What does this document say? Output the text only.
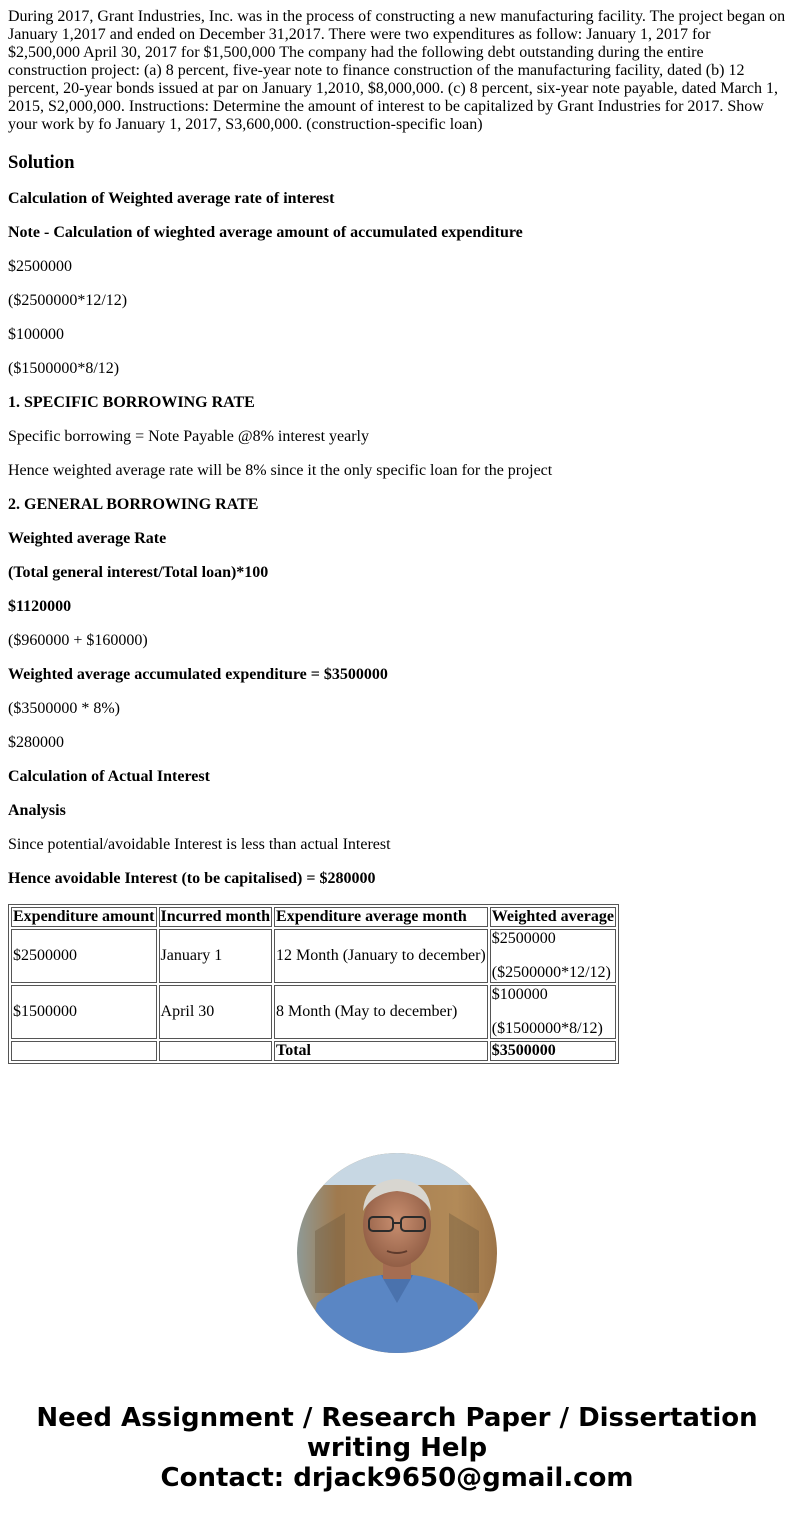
During 2017, Grant Industries, Inc. was in the process of constructing a new manufacturing facility. The project began on January 1,2017 and ended on December 31,2017. There were two expenditures as follow: January 1, 2017 for $2,500,000 April 30, 2017 for $1,500,000 The company had the following debt outstanding during the entire construction project: (a) 8 percent, five-year note to finance construction of the manufacturing facility, dated (b) 12 percent, 20-year bonds issued at par on January 1,2010, $8,000,000. (c) 8 percent, six-year note payable, dated March 1, 2015, S2,000,000. Instructions: Determine the amount of interest to be capitalized by Grant Industries for 2017. Show your work by fo January 1, 2017, S3,600,000. (construction-specific loan)

Solution

Calculation of Weighted average rate of interest

Note - Calculation of wieghted average amount of accumulated expenditure

$2500000

($2500000*12/12)

$100000

($1500000*8/12)

1. SPECIFIC BORROWING RATE

Specific borrowing = Note Payable @8% interest yearly

Hence weighted average rate will be 8% since it the only specific loan for the project

2. GENERAL BORROWING RATE

Weighted average Rate

(Total general interest/Total loan)*100

$1120000

($960000 + $160000)

Weighted average accumulated expenditure = $3500000

($3500000 * 8%)

$280000

Calculation of Actual Interest

Analysis

Since potential/avoidable Interest is less than actual Interest

Hence avoidable Interest (to be capitalised) = $280000

Expenditure amount	Incurred month	Expenditure average month	Weighted average
$2500000	January 1	12 Month (January to december)	$2500000
($2500000*12/12)
$1500000	April 30	8 Month (May to december)	$100000
($1500000*8/12)
		Total	$3500000
Need Assignment / Research Paper / Dissertation
writing Help
Contact: drjack9650@gmail.com
